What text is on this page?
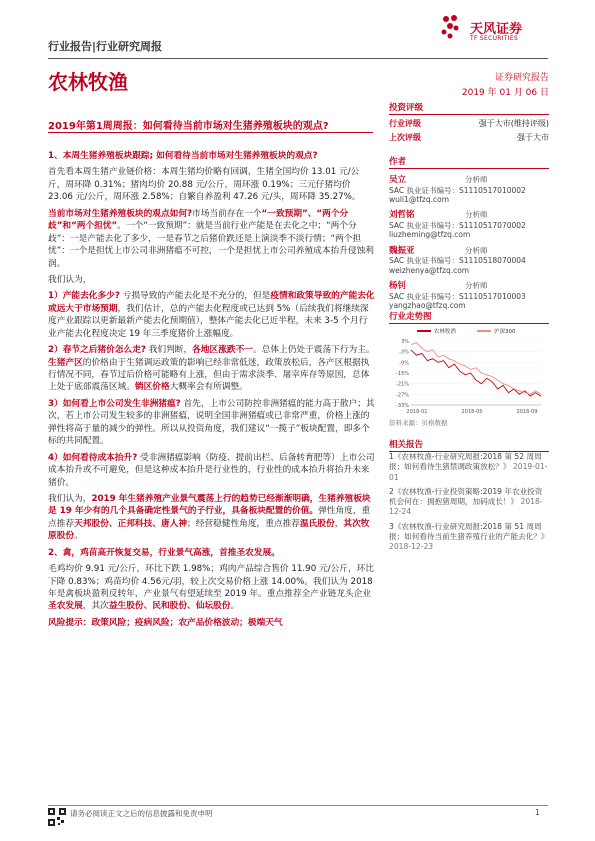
行业报告|行业研究周报
天风证券
TF SECURITIES
农林牧渔	证券研究报告
2019 年 01 月 06 日
2019年第1周周报：如何看待当前市场对生猪养殖板块的观点?

1、本周生猪养殖板块跟踪; 如何看待当前市场对生猪养殖板块的观点?

首先看本周生猪产业链价格：本周生猪均价略有回调，生猪全国均价 13.01 元/公斤，周环降 0.31%；猪肉均价 20.88 元/公斤，周环涨 0.19%；三元仔猪均价 23.06 元/公斤，周环涨 2.58%；自繁自养盈利 47.26 元/头，周环降 35.27%。

当前市场对生猪养殖板块的观点如何?市场当前存在一个“一致预期”、“两个分歧”和“两个担忧”。一个“一致预期”：就是当前行业产能是在去化之中；“两个分歧”：一是产能去化了多少，一是春节之后猪价跌还是上演淡季不淡行情；“两个担忧”：一个是担忧上市公司非洲猪瘟不可控，一个是担忧上市公司养殖成本抬升侵蚀利润。

我们认为，

1）产能去化多少? 亏损导致的产能去化是不充分的，但是疫情和政策导致的产能去化或远大于市场预期，我们估计，总的产能去化程度或已达到 5%（后续我们将继续深度产业跟踪以更新最新产能去化预期值），整体产能去化已近半程，未来 3-5 个月行业产能去化程度决定 19 年三季度猪价上涨幅度。

2）春节之后猪价怎么走? 我们判断，各地区涨跌不一。总体上仍处于震荡下行为主。生猪产区的价格由于生猪调运政策的影响已经非常低迷，政策放松后，各产区根据执行情况不同，春节过后价格可能略有上涨，但由于需求淡季、屠宰库存等原因，总体上处于底部震荡区域。销区价格大概率会有所调整。

3）如何看上市公司发生非洲猪瘟? 首先，上市公司防控非洲猪瘟的能力高于散户；其次，若上市公司发生较多的非洲猪瘟，说明全国非洲猪瘟或已非常严重，价格上涨的弹性将高于量的减少的弹性。所以从投资角度，我们建议“一揽子”板块配置，即多个标的共同配置。

4）如何看待成本抬升? 受非洲猪瘟影响（防疫、提前出栏、后备转育肥等）上市公司成本抬升或不可避免，但是这种成本抬升是行业性的，行业性的成本抬升将抬升未来猪价。

我们认为，2019 年生猪养殖产业景气震荡上行的趋势已经渐渐明确，生猪养殖板块是 19 年少有的几个具备确定性景气的子行业，具备板块配置的价值。弹性角度，重点推荐天邦股份、正邦科技、唐人神；经营稳健性角度，重点推荐温氏股份，其次牧原股份。

2、禽，鸡苗高开恢复交易，行业景气高涨，首推圣农发展。

毛鸡均价 9.91 元/公斤，环比下跌 1.98%；鸡肉产品综合售价 11.90 元/公斤，环比下降 0.83%；鸡苗均价 4.56元/羽，较上次交易价格上涨 14.00%。我们认为 2018 年是禽板块盈利反转年，产业景气有望延续至 2019 年。重点推荐全产业链龙头企业圣农发展，其次益生股份、民和股份、仙坛股份。

风险提示：政策风险；疫病风险；农产品价格波动；极端天气

投资评级
行业评级	强于大市(维持评级)
上次评级	强于大市
作者
吴立	分析师
SAC 执业证书编号：S1110517010002
wuli1@tfzq.com
刘哲铭	分析师
SAC 执业证书编号：S1110517070002
liuzheming@tfzq.com
魏振亚	分析师
SAC 执业证书编号：S1110518070004
weizhenya@tfzq.com
杨钊	分析师
SAC 执业证书编号：S1110517010003
yangzhao@tfzq.com
行业走势图
3%
-3%
-9%
-15%
-21%
-27%
-33%
2018-01	2018-05	2018-09
农林牧渔	沪深300
资料来源：贝格数据
相关报告

1《农林牧渔-行业研究周报:2018 第 52 周周报；如何看待生猪禁调政策放松？》 2019-01-01

2《农林牧渔-行业投资策略:2019 年农业投资机会何在：拥抱猪周期，加码成长！》 2018-12-24

3《农林牧渔-行业研究周报:2018 第 51 周周报；如何看待当前生猪养殖行业的产能去化？》 2018-12-23

请务必阅读正文之后的信息披露和免责申明	1
